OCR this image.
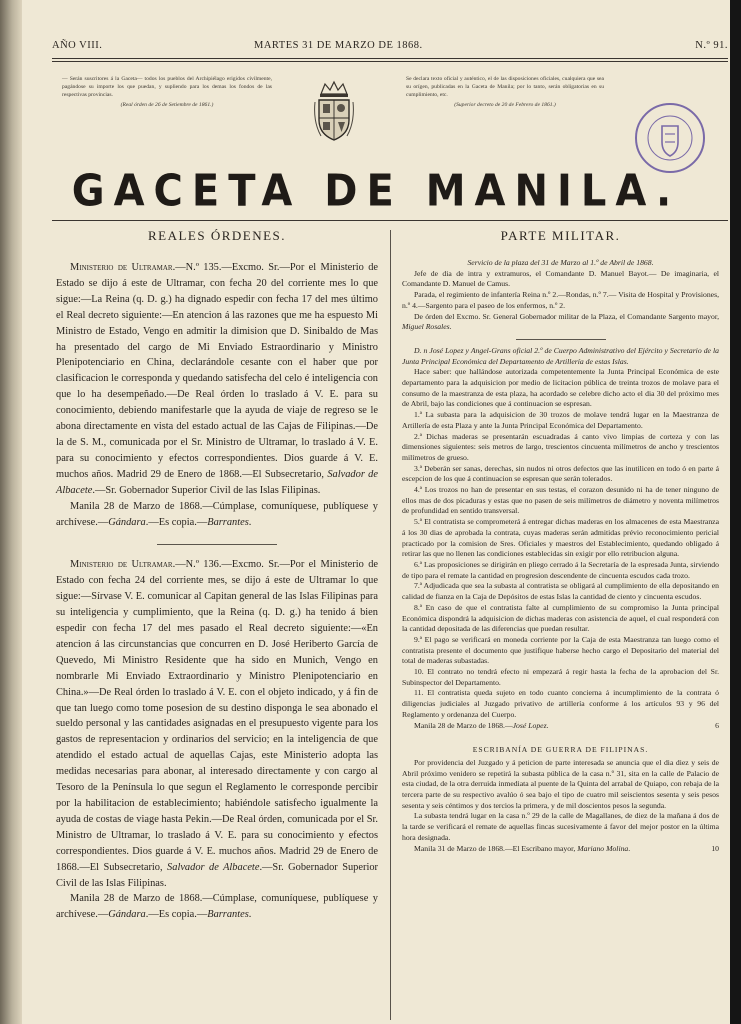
AÑO VIII.	MARTES 31 DE MARZO DE 1868.	N.º 91.
— Serán suscritores á la Gaceta— todos los pueblos del Archipiélago erigidos civilmente, pagándose su importe los que puedan, y supliendo para los demas los fondos de las respectivas provincias.
(Real órden de 26 de Setiembre de 1861.)
Se declara texto oficial y auténtico, el de las disposiciones oficiales, cualquiera que sea su orígen, publicadas en la Gaceta de Manila; por lo tanto, serán obligatorias en su cumplimiento, etc.
(Superior decreto de 20 de Febrero de 1861.)
GACETA DE MANILA.
REALES ÓRDENES.	PARTE MILITAR.

Ministerio de Ultramar.—N.º 135.—Excmo. Sr.—Por el Ministerio de Estado se dijo á este de Ultramar, con fecha 20 del corriente mes lo que sigue:—La Reina (q. D. g.) ha dignado espedir con fecha 17 del mes último el Real decreto siguiente:—En atencion á las razones que me ha espuesto Mi Ministro de Estado, Vengo en admitir la dimision que D. Sinibaldo de Mas ha presentado del cargo de Mi Enviado Estraordinario y Ministro Plenipotenciario en China, declarándole cesante con el haber que por clasificacion le corresponda y quedando satisfecha del celo é inteligencia con que lo ha desempeñado.—De Real órden lo traslado á V. E. para su conocimiento, debiendo manifestarle que la ayuda de viaje de regreso se le abona directamente en vista del estado actual de las Cajas de Filipinas.—De la de S. M., comunicada por el Sr. Ministro de Ultramar, lo traslado á V. E. para su conocimiento y efectos correspondientes. Dios guarde á V. E. muchos años. Madrid 29 de Enero de 1868.—El Subsecretario, Salvador de Albacete.—Sr. Gobernador Superior Civil de las Islas Filipinas.

Manila 28 de Marzo de 1868.—Cúmplase, comuníquese, publíquese y archívese.—Gándara.—Es copia.—Barrantes.

Ministerio de Ultramar.—N.º 136.—Excmo. Sr.—Por el Ministerio de Estado con fecha 24 del corriente mes, se dijo á este de Ultramar lo que sigue:—Sírvase V. E. comunicar al Capitan general de las Islas Filipinas para su inteligencia y cumplimiento, que la Reina (q. D. g.) ha tenido á bien espedir con fecha 17 del mes pasado el Real decreto siguiente:—«En atencion á las circunstancias que concurren en D. José Heriberto García de Quevedo, Mi Ministro Residente que ha sido en Munich, Vengo en nombrarle Mi Enviado Extraordinario y Ministro Plenipotenciario en China.»—De Real órden lo traslado á V. E. con el objeto indicado, y á fin de que tan luego como tome posesion de su destino disponga le sea abonado el sueldo personal y las cantidades asignadas en el presupuesto vigente para los gastos de representacion y ordinarios del servicio; en la inteligencia de que atendido el estado actual de aquellas Cajas, este Ministerio adopta las medidas necesarias para abonar, al interesado directamente y con cargo al Tesoro de la Península lo que segun el Reglamento le corresponde percibir por la habilitacion de establecimiento; habiéndole satisfecho igualmente la ayuda de costas de viage hasta Pekin.—De Real órden, comunicada por el Sr. Ministro de Ultramar, lo traslado á V. E. para su conocimiento y efectos correspondientes. Dios guarde á V. E. muchos años. Madrid 29 de Enero de 1868.—El Subsecretario, Salvador de Albacete.—Sr. Gobernador Superior Civil de las Islas Filipinas.

Manila 28 de Marzo de 1868.—Cúmplase, comuníquese, publíquese y archívese.—Gándara.—Es copia.—Barrantes.

Servicio de la plaza del 31 de Marzo al 1.º de Abril de 1868.

Jefe de dia de intra y extramuros, el Comandante D. Manuel Bayot.— De imaginaria, el Comandante D. Manuel de Camus.

Parada, el regimiento de infantería Reina n.º 2.—Rondas, n.º 7.— Visita de Hospital y Provisiones, n.º 4.—Sargento para el paseo de los enfermos, n.º 2.

De órden del Excmo. Sr. General Gobernador militar de la Plaza, el Comandante Sargento mayor, Miguel Rosales.

D. n José Lopez y Angel-Grans oficial 2.º de Cuerpo Administrativo del Ejército y Secretario de la Junta Principal Económica del Departamento de Artillería de estas Islas.

Hace saber: que hallándose autorizada competentemente la Junta Principal Económica de este departamento para la adquisicion por medio de licitacion pública de treinta trozos de molave para el consumo de la maestranza de esta plaza, ha acordado se celebre dicho acto el dia 30 del próximo mes de Abril, bajo las condiciones que á continuacion se espresan.

1.ª La subasta para la adquisicion de 30 trozos de molave tendrá lugar en la Maestranza de Artillería de esta Plaza y ante la Junta Principal Económica del Departamento.

2.ª Dichas maderas se presentarán escuadradas á canto vivo limpias de corteza y con las dimensiones siguientes: seis metros de largo, trescientos cincuenta milímetros de ancho y trescientos milímetros de grueso.

3.ª Deberán ser sanas, derechas, sin nudos ni otros defectos que las inutilicen en todo ó en parte á escepcion de los que á continuacion se espresan que serán tolerados.

4.ª Los trozos no han de presentar en sus testas, el corazon desunido ni ha de tener ninguno de ellos mas de dos picaduras y estas que no pasen de seis milímetros de diámetro y noventa milímetros de profundidad en sentido transversal.

5.ª El contratista se comprometerá á entregar dichas maderas en los almacenes de esta Maestranza á los 30 dias de aprobada la contrata, cuyas maderas serán admitidas prévio reconocimiento pericial practicado por la comision de Sres. Oficiales y maestros del Establecimiento, quedando obligado á retirar las que no llenen las condiciones establecidas sin exigir por ello retribucion alguna.

6.ª Las proposiciones se dirigirán en pliego cerrado á la Secretaría de la espresada Junta, sirviendo de tipo para el remate la cantidad en progresion descendente de cincuenta escudos cada trozo.

7.ª Adjudicada que sea la subasta al contratista se obligará al cumplimiento de ella depositando en calidad de fianza en la Caja de Depósitos de estas Islas la cantidad de ciento y cincuenta escudos.

8.ª En caso de que el contratista falte al cumplimiento de su compromiso la Junta principal Económica dispondrá la adquisicion de dichas maderas con asistencia de aquel, el cual responderá con la cantidad depositada de las diferencias que puedan resultar.

9.ª El pago se verificará en moneda corriente por la Caja de esta Maestranza tan luego como el contratista presente el documento que justifique haberse hecho cargo el Depositario del material del total de maderas subastadas.

10. El contrato no tendrá efecto ni empezará á regir hasta la fecha de la aprobacion del Sr. Subinspector del Departamento.

11. El contratista queda sujeto en todo cuanto concierna á incumplimiento de la contrata ó diligencias judiciales al Juzgado privativo de artillería conforme á los artículos 93 y 96 del Reglamento y ordenanza del Cuerpo.

Manila 28 de Marzo de 1868.—José Lopez.	6

ESCRIBANÍA DE GUERRA DE FILIPINAS.

Por providencia del Juzgado y á peticion de parte interesada se anuncia que el dia diez y seis de Abril próximo venidero se repetirá la subasta pública de la casa n.º 31, sita en la calle de Palacio de esta ciudad, de la otra derruida inmediata al puente de la Quinta del arrabal de Quiapo, con rebaja de la tercera parte de su respectivo avalúo ó sea bajo el tipo de cuatro mil seiscientos sesenta y seis pesos sesenta y seis céntimos y dos tercios la primera, y de mil doscientos pesos la segunda.

La subasta tendrá lugar en la casa n.º 29 de la calle de Magallanes, de diez de la mañana á dos de la tarde se verificará el remate de aquellas fincas sucesivamente á favor del mejor postor en la última hora designada.

Manila 31 de Marzo de 1868.—El Escribano mayor, Mariano Molina.	10
